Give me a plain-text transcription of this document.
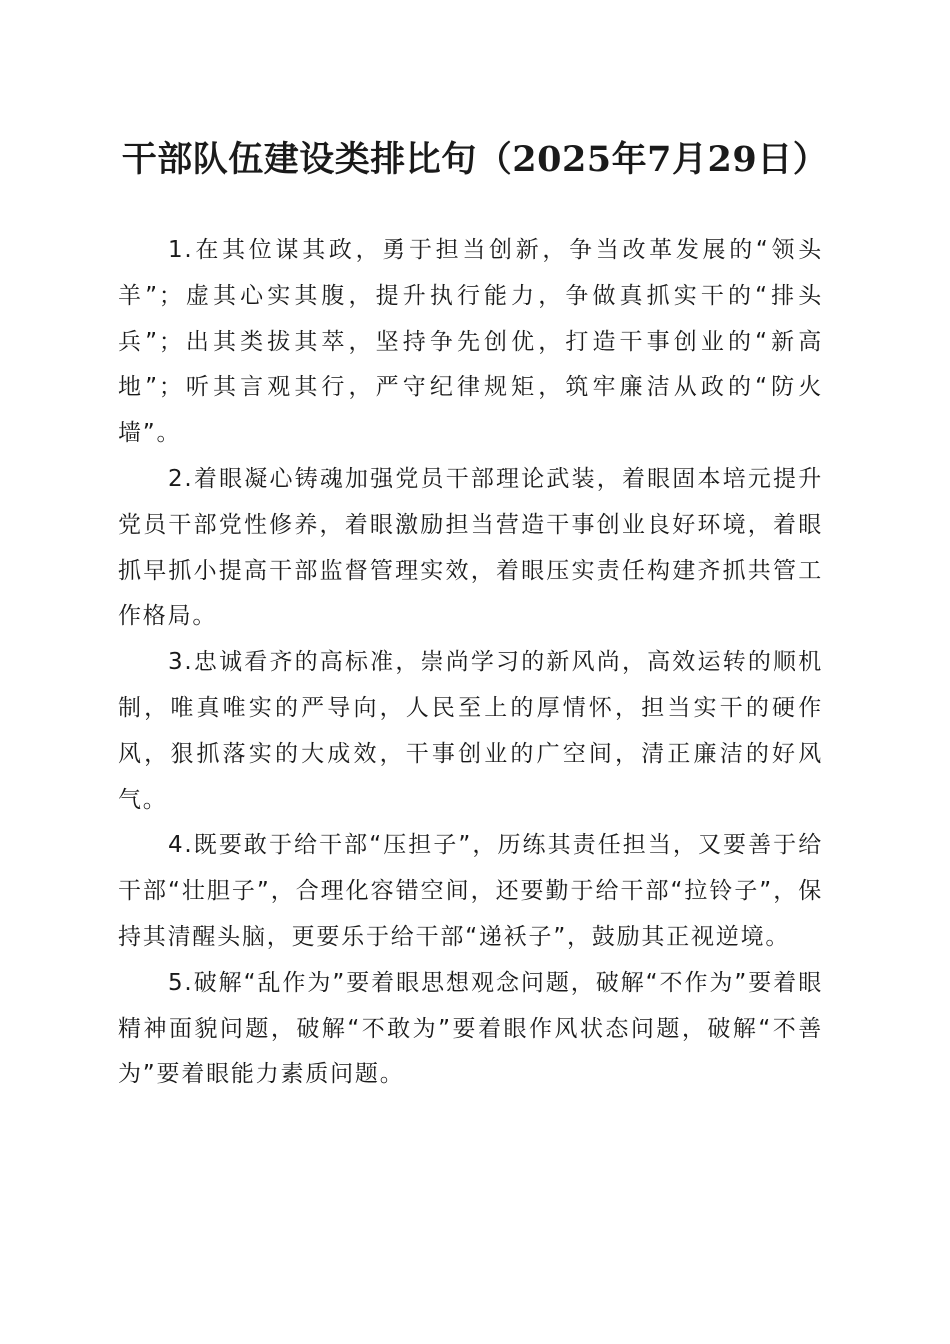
干部队伍建设类排比句（2025年7月29日）

1.在其位谋其政，勇于担当创新，争当改革发展的“领头羊”；虚其心实其腹，提升执行能力，争做真抓实干的“排头兵”；出其类拔其萃，坚持争先创优，打造干事创业的“新高地”；听其言观其行，严守纪律规矩，筑牢廉洁从政的“防火墙”。

2.着眼凝心铸魂加强党员干部理论武装，着眼固本培元提升党员干部党性修养，着眼激励担当营造干事创业良好环境，着眼抓早抓小提高干部监督管理实效，着眼压实责任构建齐抓共管工作格局。

3.忠诚看齐的高标准，崇尚学习的新风尚，高效运转的顺机制，唯真唯实的严导向，人民至上的厚情怀，担当实干的硬作风，狠抓落实的大成效，干事创业的广空间，清正廉洁的好风气。

4.既要敢于给干部“压担子”，历练其责任担当，又要善于给干部“壮胆子”，合理化容错空间，还要勤于给干部“拉铃子”，保持其清醒头脑，更要乐于给干部“递袄子”，鼓励其正视逆境。

5.破解“乱作为”要着眼思想观念问题，破解“不作为”要着眼精神面貌问题，破解“不敢为”要着眼作风状态问题，破解“不善为”要着眼能力素质问题。
